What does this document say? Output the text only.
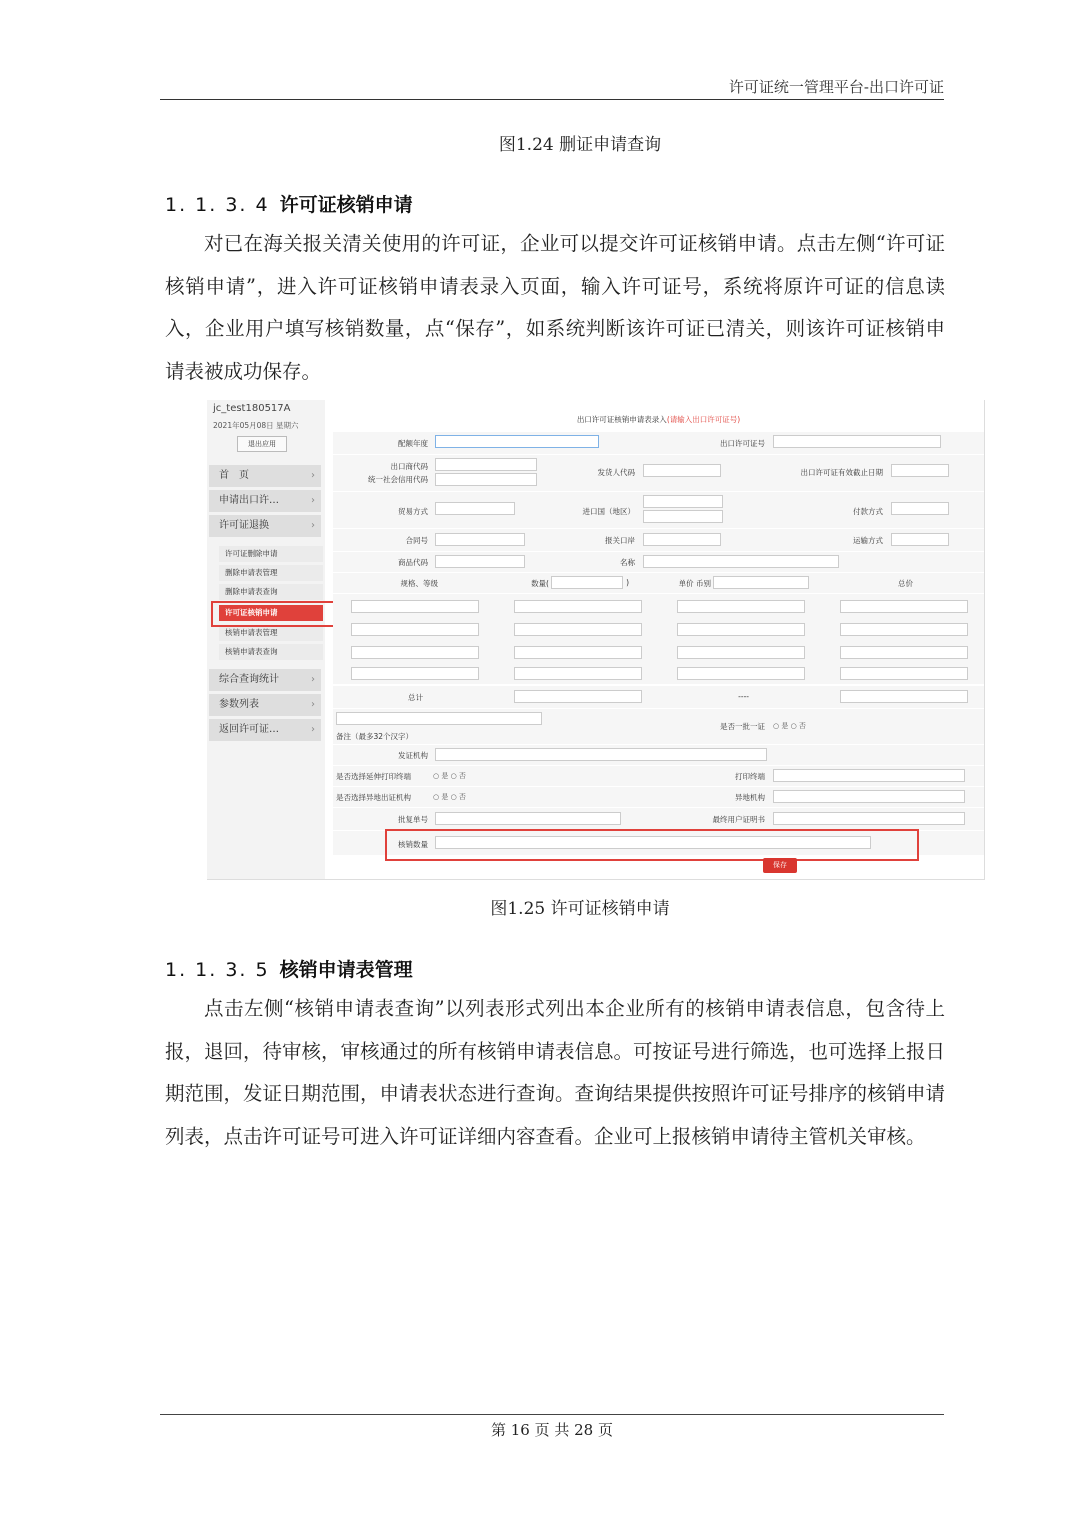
许可证统一管理平台-出口许可证
图1.24 删证申请查询
1. 1. 3. 4 许可证核销申请

对已在海关报关清关使用的许可证，企业可以提交许可证核销申请。点击左侧“许可证核销申请”，进入许可证核销申请表录入页面，输入许可证号，系统将原许可证的信息读入，企业用户填写核销数量，点“保存”，如系统判断该许可证已清关，则该许可证核销申请表被成功保存。

jc_test180517A
2021年05月08日 星期六
退出应用
首　页	›
申请出口许…	›
许可证退换	›
许可证删除申请
删除申请表管理
删除申请表查询
许可证核销申请
核销申请表管理
核销申请表查询
综合查询统计	›
参数列表	›
返回许可证…	›
出口许可证核销申请表录入(请输入出口许可证号)
配额年度	出口许可证号
出口商代码
统一社会信用代码
发货人代码	出口许可证有效截止日期
贸易方式	进口国（地区）	付款方式
合同号	报关口岸	运输方式
商品代码	名称
规格、等级	数量(	)	单价 币别	总价
总计	----
备注（最多32个汉字）
是否一批一证 ○ 是 ○ 否
发证机构
是否选择延伸打印终端	○ 是 ○ 否	打印终端
是否选择异地出证机构	○ 是 ○ 否	异地机构
批复单号	最终用户证明书
核销数量
保存
图1.25 许可证核销申请
1. 1. 3. 5 核销申请表管理

点击左侧“核销申请表查询”以列表形式列出本企业所有的核销申请表信息，包含待上报，退回，待审核，审核通过的所有核销申请表信息。可按证号进行筛选，也可选择上报日期范围，发证日期范围，申请表状态进行查询。查询结果提供按照许可证号排序的核销申请列表，点击许可证号可进入许可证详细内容查看。企业可上报核销申请待主管机关审核。

第 16 页 共 28 页
